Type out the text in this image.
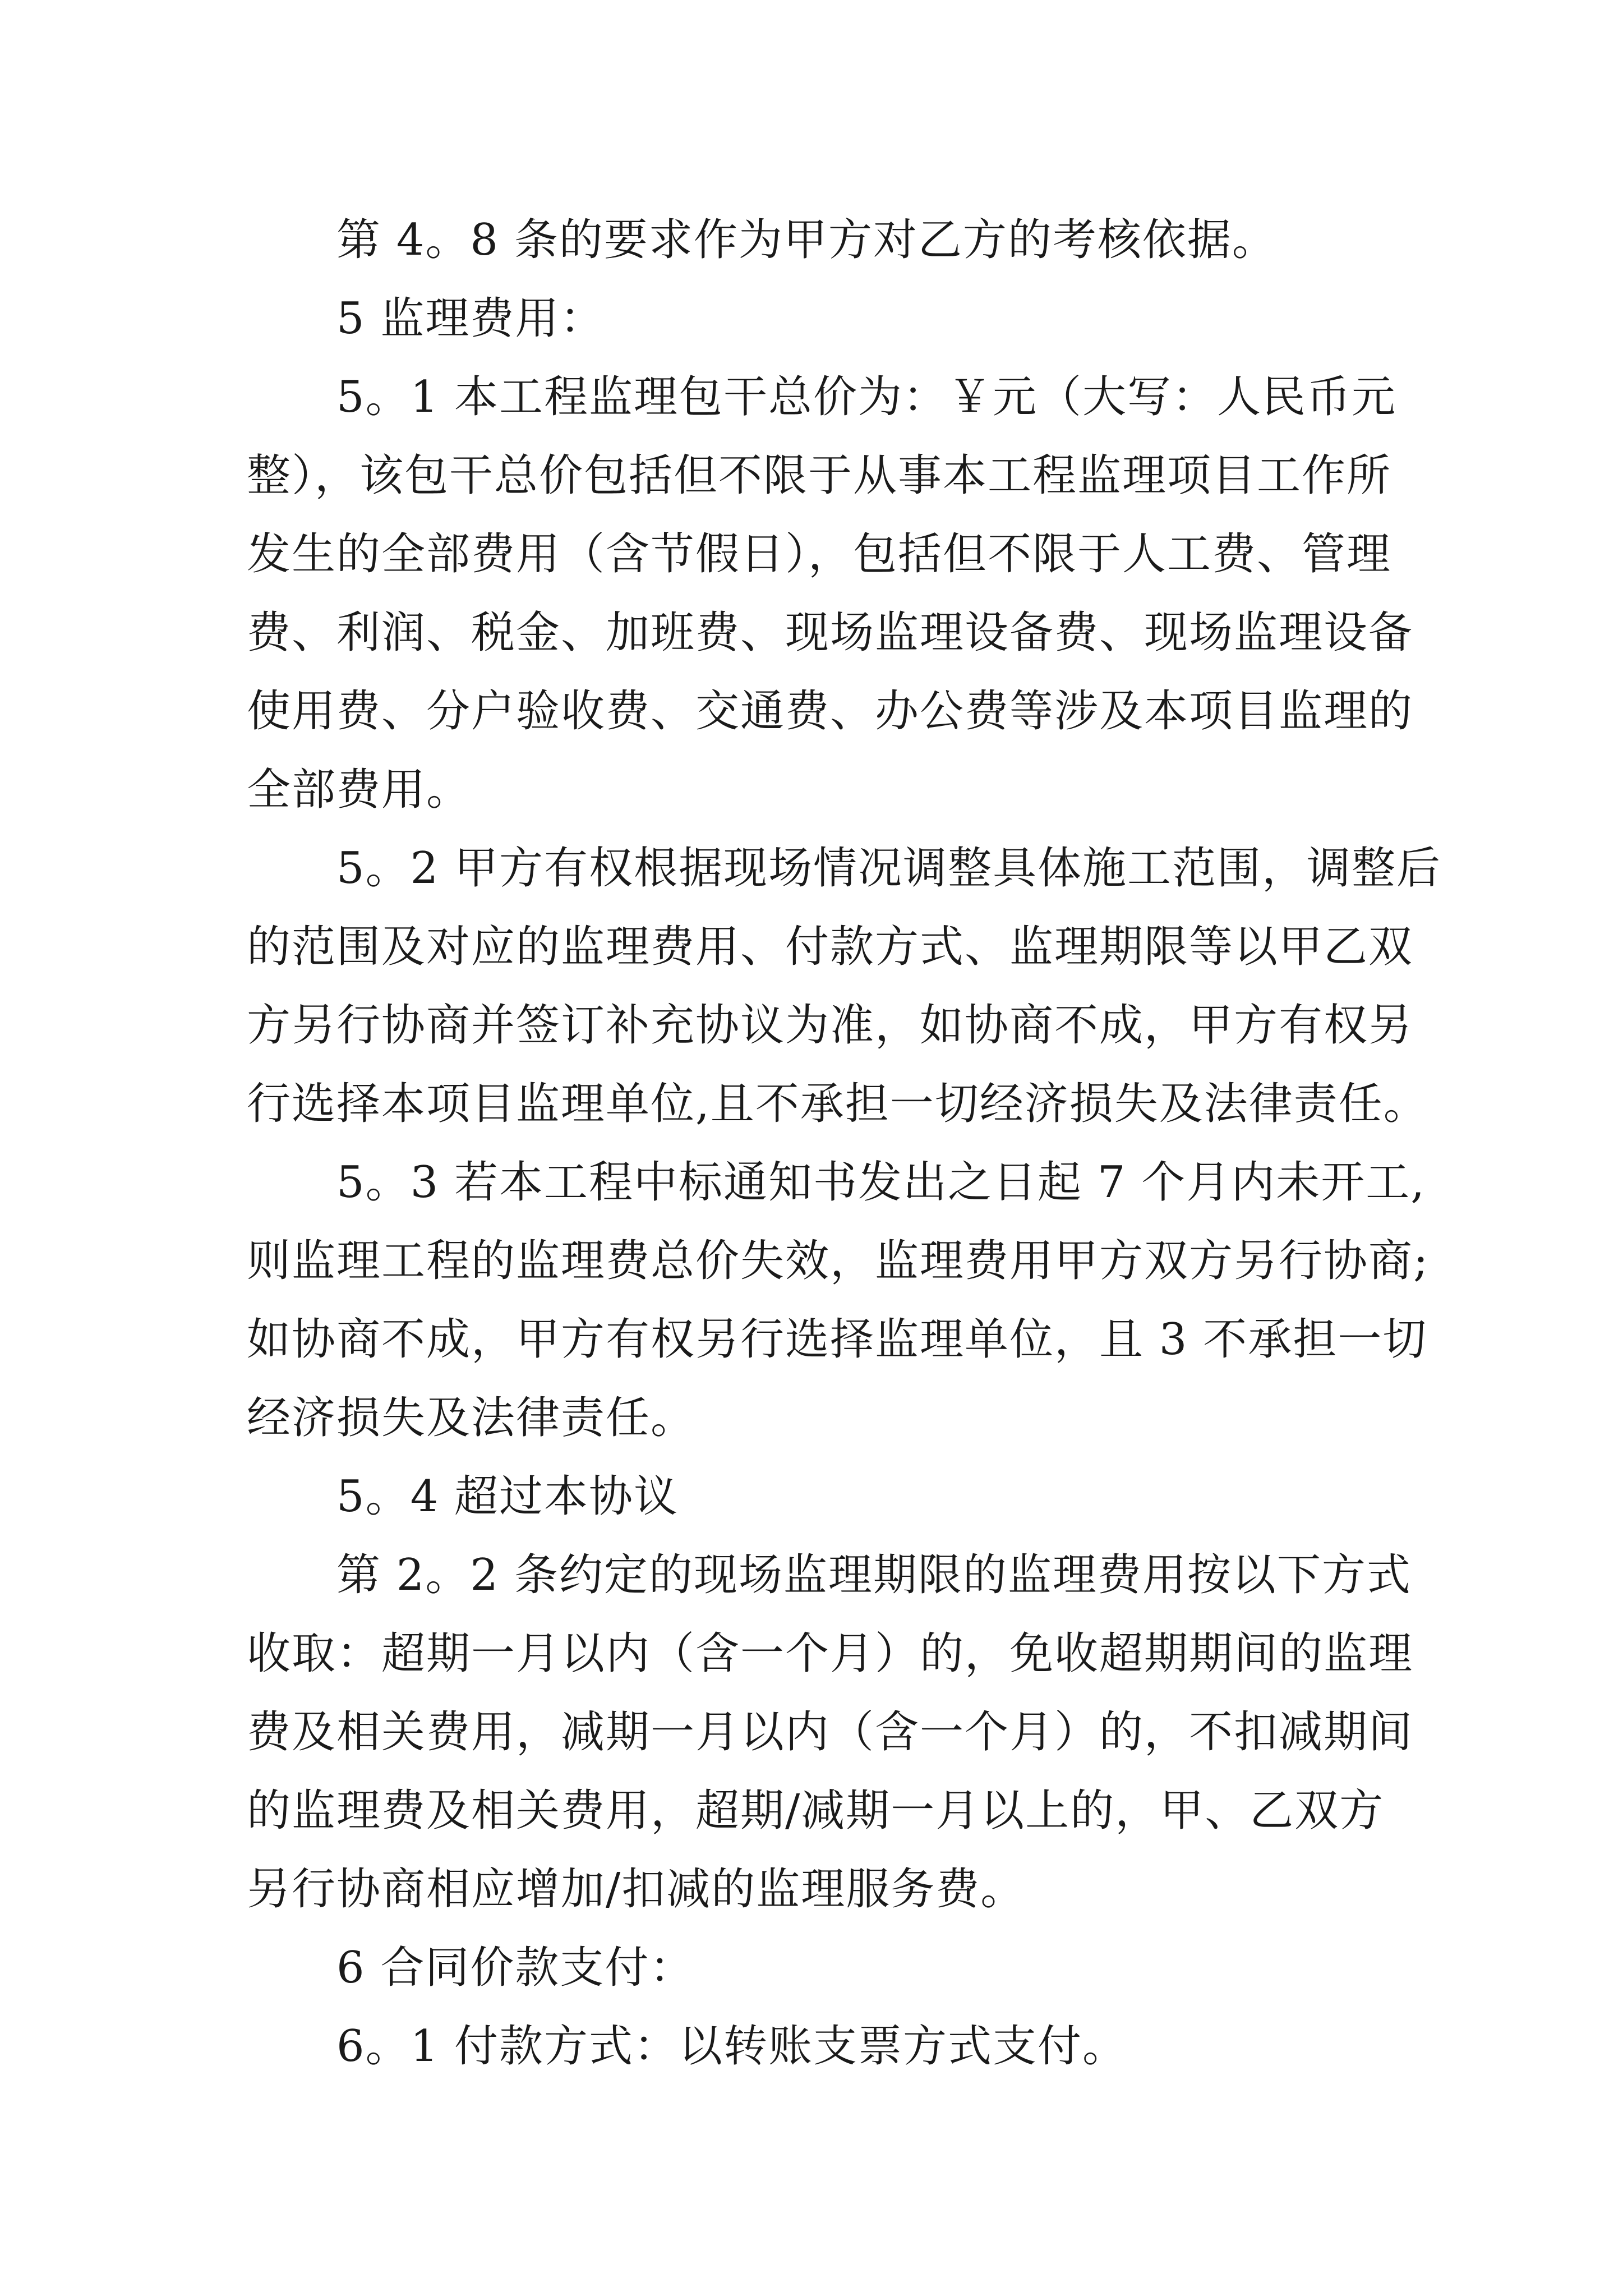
第 4。8 条的要求作为甲方对乙方的考核依据。
5 监理费用：
5。1 本工程监理包干总价为：￥元（大写：人民币元
整），该包干总价包括但不限于从事本工程监理项目工作所
发生的全部费用（含节假日），包括但不限于人工费、管理
费、利润、税金、加班费、现场监理设备费、现场监理设备
使用费、分户验收费、交通费、办公费等涉及本项目监理的
全部费用。
5。2 甲方有权根据现场情况调整具体施工范围，调整后
的范围及对应的监理费用、付款方式、监理期限等以甲乙双
方另行协商并签订补充协议为准，如协商不成，甲方有权另
行选择本项目监理单位,且不承担一切经济损失及法律责任。
5。3 若本工程中标通知书发出之日起 7 个月内未开工,
则监理工程的监理费总价失效，监理费用甲方双方另行协商;
如协商不成，甲方有权另行选择监理单位，且 3 不承担一切
经济损失及法律责任。
5。4 超过本协议
第 2。2 条约定的现场监理期限的监理费用按以下方式
收取：超期一月以内（含一个月）的，免收超期期间的监理
费及相关费用，减期一月以内（含一个月）的，不扣减期间
的监理费及相关费用，超期/减期一月以上的，甲、乙双方
另行协商相应增加/扣减的监理服务费。
6 合同价款支付：
6。1 付款方式：以转账支票方式支付。
